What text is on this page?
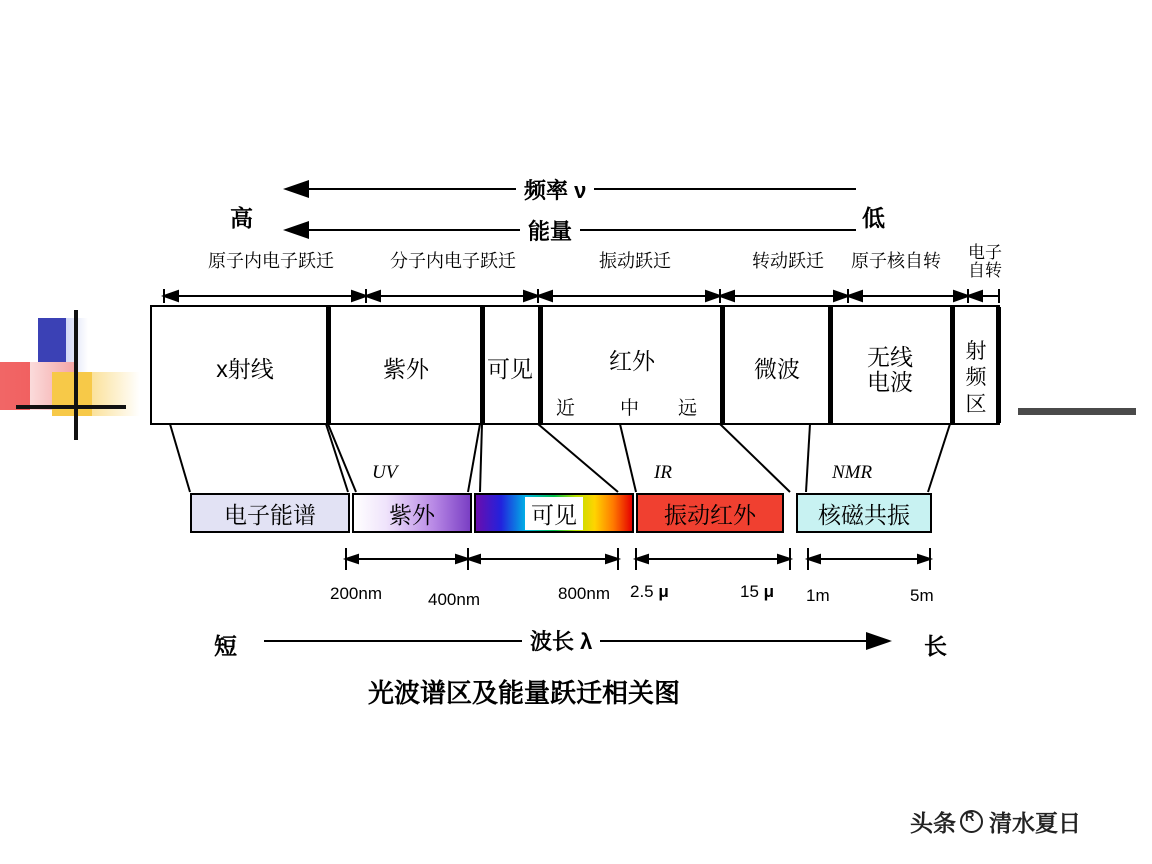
高	低
频率 ν
能量
原子内电子跃迁	分子内电子跃迁	振动跃迁	转动跃迁	原子核自转	电子
自转
x射线	紫外	可见	红外	微波	无线
电波
射
频
区
近 中 远
UV	IR	NMR
电子能谱	紫外	可见	振动红外	核磁共振
200nm	400nm	800nm 2.5 μ	15 μ 1m	5m
短	长
波长 λ
光波谱区及能量跃迁相关图
头条 R 清水夏日
